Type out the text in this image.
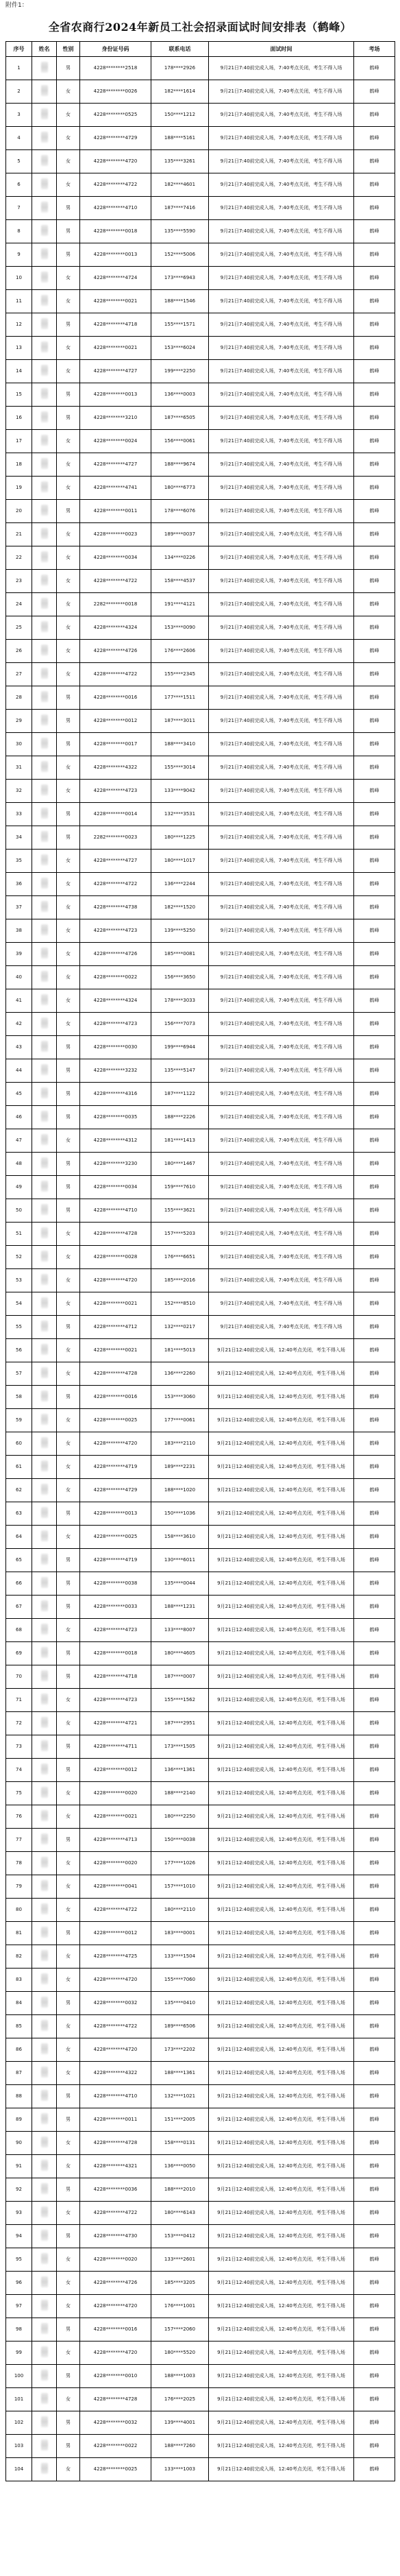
附件1：
全省农商行2024年新员工社会招录面试时间安排表（鹤峰）
序号	姓名	性别	身份证号码	联系电话	面试时间	考场
1		男	4228********2518	178****2926	9月21日7:40前完成入场，7:40考点关闭，考生不得入场	鹤峰
2		女	4228********0026	182****1614	9月21日7:40前完成入场，7:40考点关闭，考生不得入场	鹤峰
3		女	4228********0525	150****1212	9月21日7:40前完成入场，7:40考点关闭，考生不得入场	鹤峰
4		女	4228********4729	188****5161	9月21日7:40前完成入场，7:40考点关闭，考生不得入场	鹤峰
5		女	4228********4720	135****3261	9月21日7:40前完成入场，7:40考点关闭，考生不得入场	鹤峰
6		女	4228********4722	182****4601	9月21日7:40前完成入场，7:40考点关闭，考生不得入场	鹤峰
7		男	4228********4710	187****7416	9月21日7:40前完成入场，7:40考点关闭，考生不得入场	鹤峰
8		男	4228********0018	135****5590	9月21日7:40前完成入场，7:40考点关闭，考生不得入场	鹤峰
9		男	4228********0013	152****5006	9月21日7:40前完成入场，7:40考点关闭，考生不得入场	鹤峰
10		女	4228********4724	173****6943	9月21日7:40前完成入场，7:40考点关闭，考生不得入场	鹤峰
11		女	4228********0021	188****1546	9月21日7:40前完成入场，7:40考点关闭，考生不得入场	鹤峰
12		男	4228********4718	155****1571	9月21日7:40前完成入场，7:40考点关闭，考生不得入场	鹤峰
13		女	4228********0021	153****6024	9月21日7:40前完成入场，7:40考点关闭，考生不得入场	鹤峰
14		女	4228********4727	199****2250	9月21日7:40前完成入场，7:40考点关闭，考生不得入场	鹤峰
15		男	4228********0013	136****0003	9月21日7:40前完成入场，7:40考点关闭，考生不得入场	鹤峰
16		男	4228********3210	187****6505	9月21日7:40前完成入场，7:40考点关闭，考生不得入场	鹤峰
17		女	4228********0024	156****0061	9月21日7:40前完成入场，7:40考点关闭，考生不得入场	鹤峰
18		女	4228********4727	188****9674	9月21日7:40前完成入场，7:40考点关闭，考生不得入场	鹤峰
19		女	4228********4741	180****6773	9月21日7:40前完成入场，7:40考点关闭，考生不得入场	鹤峰
20		男	4228********0011	178****6076	9月21日7:40前完成入场，7:40考点关闭，考生不得入场	鹤峰
21		女	4228********0023	189****0037	9月21日7:40前完成入场，7:40考点关闭，考生不得入场	鹤峰
22		女	4228********0034	134****0226	9月21日7:40前完成入场，7:40考点关闭，考生不得入场	鹤峰
23		女	4228********4722	158****4537	9月21日7:40前完成入场，7:40考点关闭，考生不得入场	鹤峰
24		女	2282********0018	191****4121	9月21日7:40前完成入场，7:40考点关闭，考生不得入场	鹤峰
25		女	4228********4324	153****0090	9月21日7:40前完成入场，7:40考点关闭，考生不得入场	鹤峰
26		女	4228********4726	176****2606	9月21日7:40前完成入场，7:40考点关闭，考生不得入场	鹤峰
27		女	4228********4722	155****2345	9月21日7:40前完成入场，7:40考点关闭，考生不得入场	鹤峰
28		男	4228********0016	177****1511	9月21日7:40前完成入场，7:40考点关闭，考生不得入场	鹤峰
29		男	4228********0012	187****3011	9月21日7:40前完成入场，7:40考点关闭，考生不得入场	鹤峰
30		男	4228********0017	188****3410	9月21日7:40前完成入场，7:40考点关闭，考生不得入场	鹤峰
31		女	4228********4322	155****3014	9月21日7:40前完成入场，7:40考点关闭，考生不得入场	鹤峰
32		女	4228********4723	133****9042	9月21日7:40前完成入场，7:40考点关闭，考生不得入场	鹤峰
33		男	4228********0014	132****3531	9月21日7:40前完成入场，7:40考点关闭，考生不得入场	鹤峰
34		男	2282********0023	180****1225	9月21日7:40前完成入场，7:40考点关闭，考生不得入场	鹤峰
35		女	4228********4727	180****1017	9月21日7:40前完成入场，7:40考点关闭，考生不得入场	鹤峰
36		女	4228********4722	136****2244	9月21日7:40前完成入场，7:40考点关闭，考生不得入场	鹤峰
37		女	4228********4738	182****1520	9月21日7:40前完成入场，7:40考点关闭，考生不得入场	鹤峰
38		女	4228********4723	139****5250	9月21日7:40前完成入场，7:40考点关闭，考生不得入场	鹤峰
39		女	4228********4726	185****0081	9月21日7:40前完成入场，7:40考点关闭，考生不得入场	鹤峰
40		女	4228********0022	156****3650	9月21日7:40前完成入场，7:40考点关闭，考生不得入场	鹤峰
41		女	4228********4324	178****3033	9月21日7:40前完成入场，7:40考点关闭，考生不得入场	鹤峰
42		女	4228********4723	156****7073	9月21日7:40前完成入场，7:40考点关闭，考生不得入场	鹤峰
43		男	4228********0030	199****6944	9月21日7:40前完成入场，7:40考点关闭，考生不得入场	鹤峰
44		男	4228********3232	135****5147	9月21日7:40前完成入场，7:40考点关闭，考生不得入场	鹤峰
45		男	4228********4316	187****1122	9月21日7:40前完成入场，7:40考点关闭，考生不得入场	鹤峰
46		男	4228********0035	188****2226	9月21日7:40前完成入场，7:40考点关闭，考生不得入场	鹤峰
47		女	4228********4312	181****1413	9月21日7:40前完成入场，7:40考点关闭，考生不得入场	鹤峰
48		男	4228********3230	180****1467	9月21日7:40前完成入场，7:40考点关闭，考生不得入场	鹤峰
49		男	4228********0034	159****7610	9月21日7:40前完成入场，7:40考点关闭，考生不得入场	鹤峰
50		男	4228********4710	155****3621	9月21日7:40前完成入场，7:40考点关闭，考生不得入场	鹤峰
51		女	4228********4728	157****5203	9月21日7:40前完成入场，7:40考点关闭，考生不得入场	鹤峰
52		女	4228********0028	176****6651	9月21日7:40前完成入场，7:40考点关闭，考生不得入场	鹤峰
53		女	4228********4720	185****2016	9月21日7:40前完成入场，7:40考点关闭，考生不得入场	鹤峰
54		女	4228********0021	152****8510	9月21日7:40前完成入场，7:40考点关闭，考生不得入场	鹤峰
55		男	4228********4712	132****0217	9月21日7:40前完成入场，7:40考点关闭，考生不得入场	鹤峰
56		女	4228********0021	181****5013	9月21日12:40前完成入场，12:40考点关闭，考生不得入场	鹤峰
57		女	4228********4728	136****2260	9月21日12:40前完成入场，12:40考点关闭，考生不得入场	鹤峰
58		男	4228********0016	153****3060	9月21日12:40前完成入场，12:40考点关闭，考生不得入场	鹤峰
59		女	4228********0025	177****0061	9月21日12:40前完成入场，12:40考点关闭，考生不得入场	鹤峰
60		女	4228********4720	183****2110	9月21日12:40前完成入场，12:40考点关闭，考生不得入场	鹤峰
61		女	4228********4719	189****2231	9月21日12:40前完成入场，12:40考点关闭，考生不得入场	鹤峰
62		女	4228********4729	188****1020	9月21日12:40前完成入场，12:40考点关闭，考生不得入场	鹤峰
63		男	4228********0013	150****1036	9月21日12:40前完成入场，12:40考点关闭，考生不得入场	鹤峰
64		女	4228********0025	158****3610	9月21日12:40前完成入场，12:40考点关闭，考生不得入场	鹤峰
65		男	4228********4719	130****6011	9月21日12:40前完成入场，12:40考点关闭，考生不得入场	鹤峰
66		男	4228********0038	135****0044	9月21日12:40前完成入场，12:40考点关闭，考生不得入场	鹤峰
67		男	4228********0033	188****1231	9月21日12:40前完成入场，12:40考点关闭，考生不得入场	鹤峰
68		女	4228********4723	133****8007	9月21日12:40前完成入场，12:40考点关闭，考生不得入场	鹤峰
69		男	4228********0018	180****4605	9月21日12:40前完成入场，12:40考点关闭，考生不得入场	鹤峰
70		男	4228********4718	187****0007	9月21日12:40前完成入场，12:40考点关闭，考生不得入场	鹤峰
71		女	4228********4723	155****1562	9月21日12:40前完成入场，12:40考点关闭，考生不得入场	鹤峰
72		女	4228********4721	187****2951	9月21日12:40前完成入场，12:40考点关闭，考生不得入场	鹤峰
73		男	4228********4711	173****1505	9月21日12:40前完成入场，12:40考点关闭，考生不得入场	鹤峰
74		男	4228********0012	136****1361	9月21日12:40前完成入场，12:40考点关闭，考生不得入场	鹤峰
75		女	4228********0020	188****2140	9月21日12:40前完成入场，12:40考点关闭，考生不得入场	鹤峰
76		女	4228********0021	180****2250	9月21日12:40前完成入场，12:40考点关闭，考生不得入场	鹤峰
77		男	4228********4713	150****0038	9月21日12:40前完成入场，12:40考点关闭，考生不得入场	鹤峰
78		女	4228********0020	177****1026	9月21日12:40前完成入场，12:40考点关闭，考生不得入场	鹤峰
79		女	4228********0041	157****1010	9月21日12:40前完成入场，12:40考点关闭，考生不得入场	鹤峰
80		女	4228********4722	180****2110	9月21日12:40前完成入场，12:40考点关闭，考生不得入场	鹤峰
81		男	4228********0012	183****0001	9月21日12:40前完成入场，12:40考点关闭，考生不得入场	鹤峰
82		女	4228********4725	133****1504	9月21日12:40前完成入场，12:40考点关闭，考生不得入场	鹤峰
83		女	4228********4720	155****7060	9月21日12:40前完成入场，12:40考点关闭，考生不得入场	鹤峰
84		男	4228********0032	135****0410	9月21日12:40前完成入场，12:40考点关闭，考生不得入场	鹤峰
85		女	4228********4722	189****6506	9月21日12:40前完成入场，12:40考点关闭，考生不得入场	鹤峰
86		女	4228********4720	173****2202	9月21日12:40前完成入场，12:40考点关闭，考生不得入场	鹤峰
87		女	4228********4322	188****1361	9月21日12:40前完成入场，12:40考点关闭，考生不得入场	鹤峰
88		男	4228********4710	132****1021	9月21日12:40前完成入场，12:40考点关闭，考生不得入场	鹤峰
89		男	4228********0011	151****2005	9月21日12:40前完成入场，12:40考点关闭，考生不得入场	鹤峰
90		女	4228********4728	158****0131	9月21日12:40前完成入场，12:40考点关闭，考生不得入场	鹤峰
91		女	4228********4321	136****0050	9月21日12:40前完成入场，12:40考点关闭，考生不得入场	鹤峰
92		男	4228********0036	188****2010	9月21日12:40前完成入场，12:40考点关闭，考生不得入场	鹤峰
93		女	4228********4722	180****6143	9月21日12:40前完成入场，12:40考点关闭，考生不得入场	鹤峰
94		男	4228********4730	153****0412	9月21日12:40前完成入场，12:40考点关闭，考生不得入场	鹤峰
95		女	4228********0020	133****2601	9月21日12:40前完成入场，12:40考点关闭，考生不得入场	鹤峰
96		女	4228********4726	185****3205	9月21日12:40前完成入场，12:40考点关闭，考生不得入场	鹤峰
97		女	4228********4720	176****1001	9月21日12:40前完成入场，12:40考点关闭，考生不得入场	鹤峰
98		男	4228********0016	157****2060	9月21日12:40前完成入场，12:40考点关闭，考生不得入场	鹤峰
99		女	4228********4720	180****5520	9月21日12:40前完成入场，12:40考点关闭，考生不得入场	鹤峰
100		男	4228********0010	188****1003	9月21日12:40前完成入场，12:40考点关闭，考生不得入场	鹤峰
101		女	4228********4728	176****2025	9月21日12:40前完成入场，12:40考点关闭，考生不得入场	鹤峰
102		男	4228********0032	139****4001	9月21日12:40前完成入场，12:40考点关闭，考生不得入场	鹤峰
103		男	4228********0022	188****7260	9月21日12:40前完成入场，12:40考点关闭，考生不得入场	鹤峰
104		女	4228********0025	133****1003	9月21日12:40前完成入场，12:40考点关闭，考生不得入场	鹤峰
